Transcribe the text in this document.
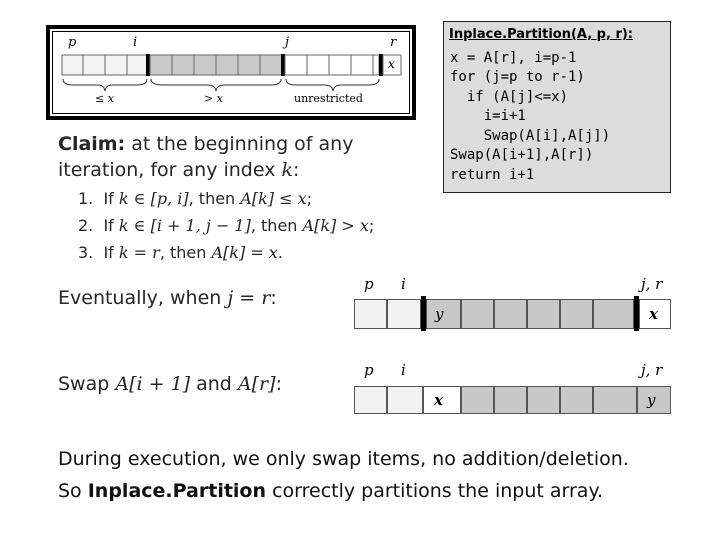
p	i	j	r
x
≤ x	> x	unrestricted
Inplace.Partition(A, p, r):
x = A[r], i=p-1
for (j=p to r-1)
if (A[j]<=x)
i=i+1
Swap(A[i],A[j])
Swap(A[i+1],A[r])
return i+1
Claim: at the beginning of any
iteration, for any index k:
1. If k ∈ [p, i], then A[k] ≤ x;
2. If k ∈ [i + 1, j − 1], then A[k] > x;
3. If k = r, then A[k] = x.
Eventually, when j = r:
p i	j, r
y	x
Swap A[i + 1] and A[r]:
p i	j, r
x	y
During execution, we only swap items, no addition/deletion.
So Inplace.Partition correctly partitions the input array.
